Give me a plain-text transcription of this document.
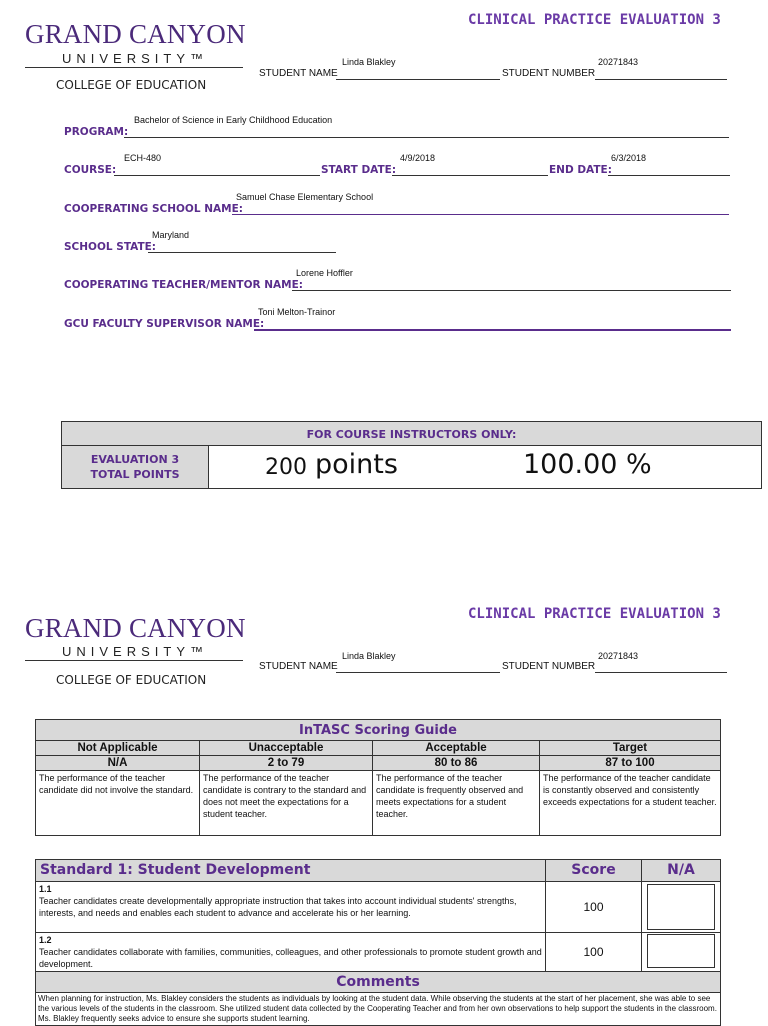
GRAND CANYON
UNIVERSITY™
COLLEGE OF EDUCATION
CLINICAL PRACTICE EVALUATION 3
Linda Blakley
STUDENT NAME
20271843
STUDENT NUMBER
Bachelor of Science in Early Childhood Education
PROGRAM:
ECH-480
COURSE:
4/9/2018
START DATE:
6/3/2018
END DATE:
Samuel Chase Elementary School
COOPERATING SCHOOL NAME:
Maryland
SCHOOL STATE:
Lorene Hoffler
COOPERATING TEACHER/MENTOR NAME:
Toni Melton-Trainor
GCU FACULTY SUPERVISOR NAME:
FOR COURSE INSTRUCTORS ONLY:

EVALUATION 3
TOTAL POINTS	200 points	100.00 %
GRAND CANYON
UNIVERSITY™
COLLEGE OF EDUCATION
CLINICAL PRACTICE EVALUATION 3
Linda Blakley
STUDENT NAME
20271843
STUDENT NUMBER
InTASC Scoring Guide			
Not Applicable	Unacceptable	Acceptable	Target
N/A	2 to 79	80 to 86	87 to 100
The performance of the teacher candidate did not involve the standard.	The performance of the teacher candidate is contrary to the standard and does not meet the expectations for a student teacher.	The performance of the teacher candidate is frequently observed and meets expectations for a student teacher.	The performance of the teacher candidate is constantly observed and consistently exceeds expectations for a student teacher.
Standard 1: Student Development	Score	N/A

1.1
Teacher candidates create developmentally appropriate instruction that takes into account individual students' strengths, interests, and needs and enables each student to advance and accelerate his or her learning.	100	

1.2
Teacher candidates collaborate with families, communities, colleagues, and other professionals to promote student growth and development.	100	

Comments		
When planning for instruction, Ms. Blakley considers the students as individuals by looking at the student data. While observing the students at the start of her placement, she was able to see the various levels of the students in the classroom. She utilized student data collected by the Cooperating Teacher and from her own observations to help support the students in the classroom. Ms. Blakley frequently seeks advice to ensure she supports student learning.		
